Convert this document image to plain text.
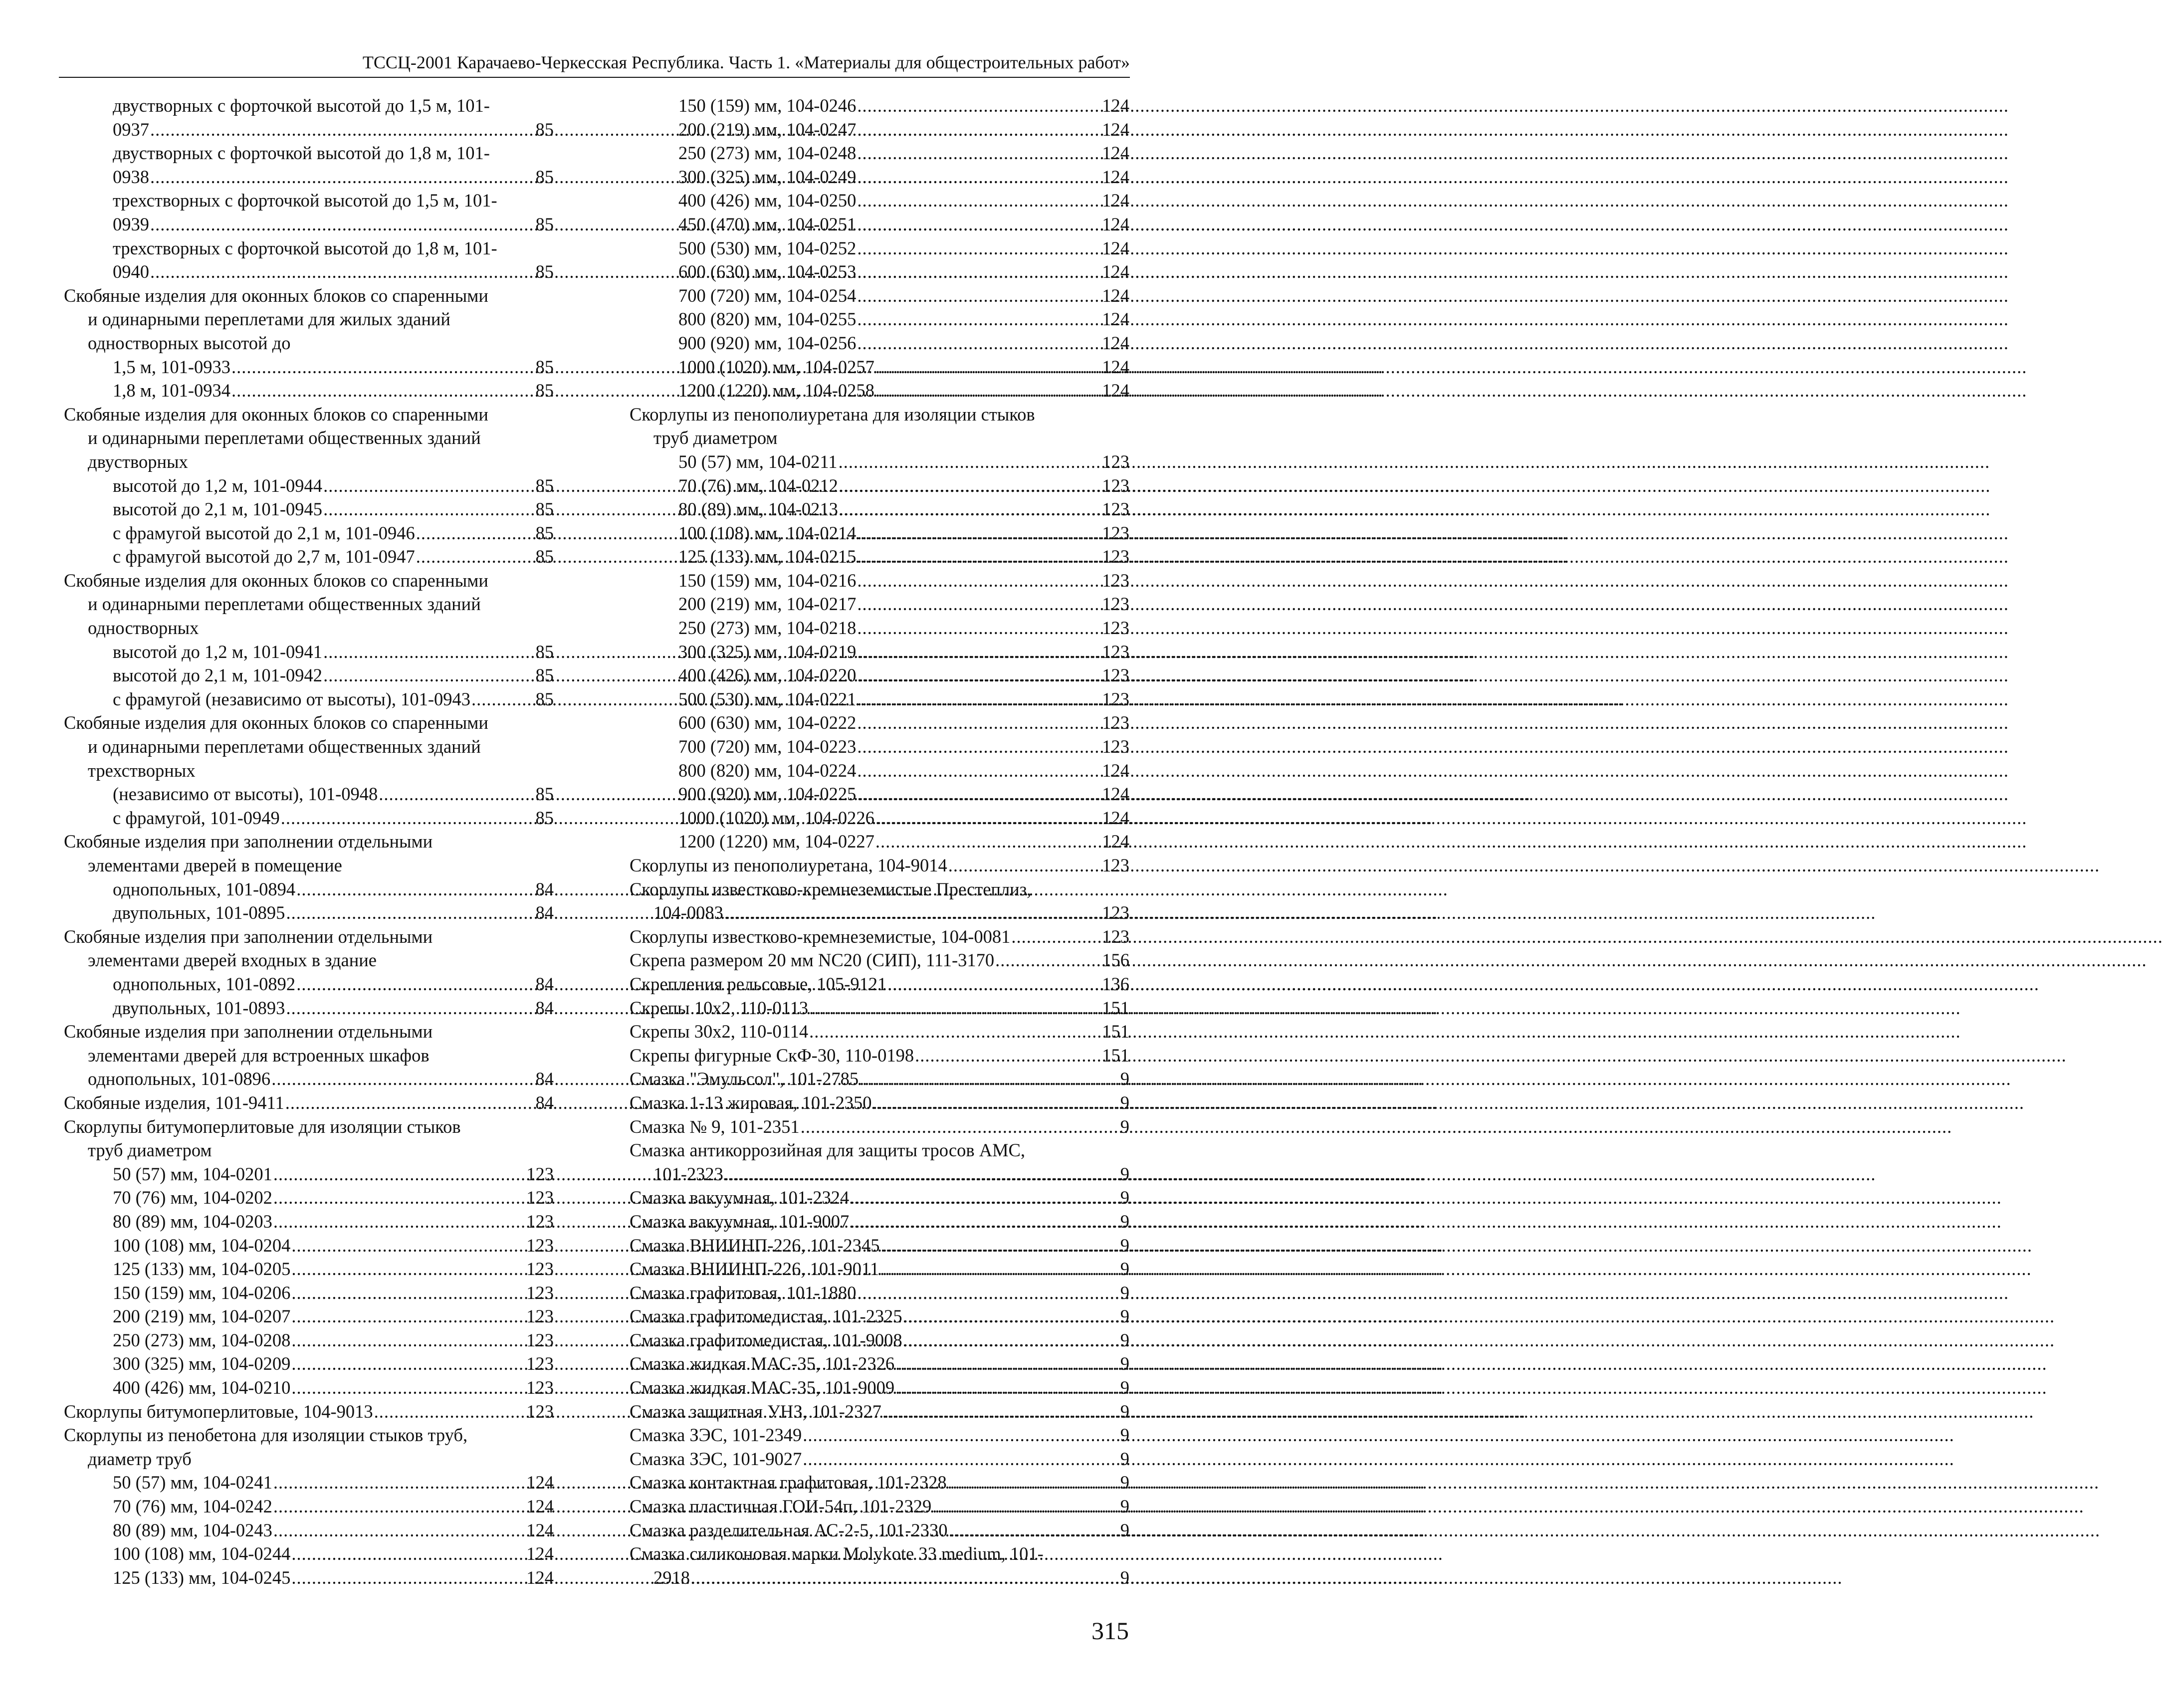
ТССЦ-2001 Карачаево-Черкесская Республика. Часть 1. «Материалы для общестроительных работ»
двустворных с форточкой высотой до 1,5 м, 101-
0937 .....	85
двустворных с форточкой высотой до 1,8 м, 101-
0938 .....	85
трехстворных с форточкой высотой до 1,5 м, 101-
0939 .....	85
трехстворных с форточкой высотой до 1,8 м, 101-
0940 .....	85
Скобяные изделия для оконных блоков со спаренными
и одинарными переплетами для жилых зданий
одностворных высотой до
1,5 м, 101-0933 .....	85
1,8 м, 101-0934 .....	85
Скобяные изделия для оконных блоков со спаренными
и одинарными переплетами общественных зданий
двустворных
высотой до 1,2 м, 101-0944 .....	85
высотой до 2,1 м, 101-0945 .....	85
с фрамугой высотой до 2,1 м, 101-0946 .....	85
с фрамугой высотой до 2,7 м, 101-0947 .....	85
Скобяные изделия для оконных блоков со спаренными
и одинарными переплетами общественных зданий
одностворных
высотой до 1,2 м, 101-0941 .....	85
высотой до 2,1 м, 101-0942 .....	85
с фрамугой (независимо от высоты), 101-0943 .....	85
Скобяные изделия для оконных блоков со спаренными
и одинарными переплетами общественных зданий
трехстворных
(независимо от высоты), 101-0948 .....	85
с фрамугой, 101-0949 .....	85
Скобяные изделия при заполнении отдельными
элементами дверей в помещение
однопольных, 101-0894 .....	84
двупольных, 101-0895 .....	84
Скобяные изделия при заполнении отдельными
элементами дверей входных в здание
однопольных, 101-0892 .....	84
двупольных, 101-0893 .....	84
Скобяные изделия при заполнении отдельными
элементами дверей для встроенных шкафов
однопольных, 101-0896 .....	84
Скобяные изделия, 101-9411 .....	84
Скорлупы битумоперлитовые для изоляции стыков
труб диаметром
50 (57) мм, 104-0201 .....	123
70 (76) мм, 104-0202 .....	123
80 (89) мм, 104-0203 .....	123
100 (108) мм, 104-0204 .....	123
125 (133) мм, 104-0205 .....	123
150 (159) мм, 104-0206 .....	123
200 (219) мм, 104-0207 .....	123
250 (273) мм, 104-0208 .....	123
300 (325) мм, 104-0209 .....	123
400 (426) мм, 104-0210 .....	123
Скорлупы битумоперлитовые, 104-9013 .....	123
Скорлупы из пенобетона для изоляции стыков труб,
диаметр труб
50 (57) мм, 104-0241 .....	124
70 (76) мм, 104-0242 .....	124
80 (89) мм, 104-0243 .....	124
100 (108) мм, 104-0244 .....	124
125 (133) мм, 104-0245 .....	124
150 (159) мм, 104-0246 .....	124
200 (219) мм, 104-0247 .....	124
250 (273) мм, 104-0248 .....	124
300 (325) мм, 104-0249 .....	124
400 (426) мм, 104-0250 .....	124
450 (470) мм, 104-0251 .....	124
500 (530) мм, 104-0252 .....	124
600 (630) мм, 104-0253 .....	124
700 (720) мм, 104-0254 .....	124
800 (820) мм, 104-0255 .....	124
900 (920) мм, 104-0256 .....	124
1000 (1020) мм, 104-0257 .....	124
1200 (1220) мм, 104-0258 .....	124
Скорлупы из пенополиуретана для изоляции стыков
труб диаметром
50 (57) мм, 104-0211 .....	123
70 (76) мм, 104-0212 .....	123
80 (89) мм, 104-0213 .....	123
100 (108) мм, 104-0214 .....	123
125 (133) мм, 104-0215 .....	123
150 (159) мм, 104-0216 .....	123
200 (219) мм, 104-0217 .....	123
250 (273) мм, 104-0218 .....	123
300 (325) мм, 104-0219 .....	123
400 (426) мм, 104-0220 .....	123
500 (530) мм, 104-0221 .....	123
600 (630) мм, 104-0222 .....	123
700 (720) мм, 104-0223 .....	123
800 (820) мм, 104-0224 .....	124
900 (920) мм, 104-0225 .....	124
1000 (1020) мм, 104-0226 .....	124
1200 (1220) мм, 104-0227 .....	124
Скорлупы из пенополиуретана, 104-9014 .....	123
Скорлупы известково-кремнеземистые Престеплиз,
104-0083 .....	123
Скорлупы известково-кремнеземистые, 104-0081 .....	123
Скрепа размером 20 мм NC20 (СИП), 111-3170 .....	156
Скрепления рельсовые, 105-9121 .....	136
Скрепы 10х2, 110-0113 .....	151
Скрепы 30х2, 110-0114 .....	151
Скрепы фигурные СкФ-30, 110-0198 .....	151
Смазка "Эмульсол", 101-2785 .....	9
Смазка 1-13 жировая, 101-2350 .....	9
Смазка № 9, 101-2351 .....	9
Смазка антикоррозийная для защиты тросов АМС,
101-2323 .....	9
Смазка вакуумная, 101-2324 .....	9
Смазка вакуумная, 101-9007 .....	9
Смазка ВНИИНП-226, 101-2345 .....	9
Смазка ВНИИНП-226, 101-9011 .....	9
Смазка графитовая, 101-1880 .....	9
Смазка графитомедистая, 101-2325 .....	9
Смазка графитомедистая, 101-9008 .....	9
Смазка жидкая МАС-35, 101-2326 .....	9
Смазка жидкая МАС-35, 101-9009 .....	9
Смазка защитная УНЗ, 101-2327 .....	9
Смазка ЗЭС, 101-2349 .....	9
Смазка ЗЭС, 101-9027 .....	9
Смазка контактная графитовая, 101-2328 .....	9
Смазка пластичная ГОИ-54п, 101-2329 .....	9
Смазка разделительная АС-2-5, 101-2330 .....	9
Смазка силиконовая марки Molykote 33 medium, 101-
2918 .....	9
315
